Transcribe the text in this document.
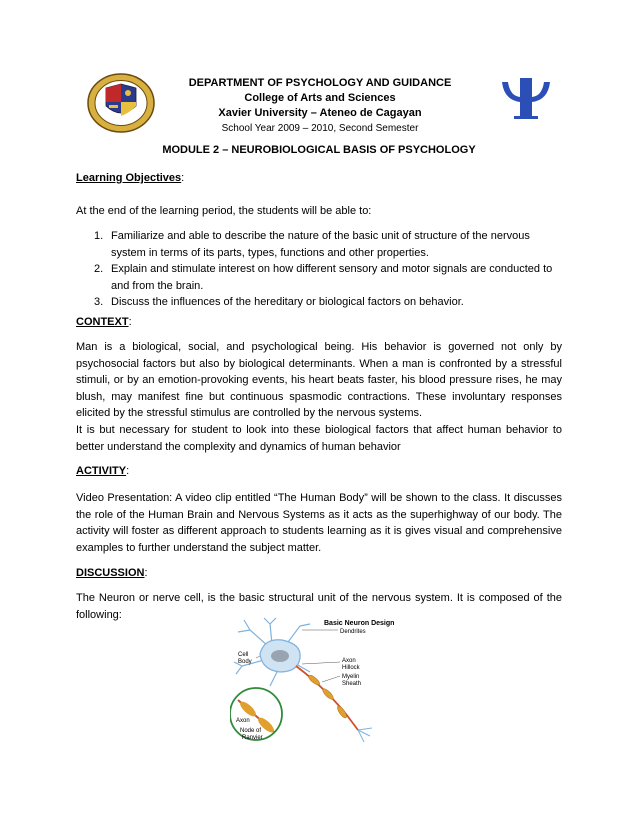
DEPARTMENT OF PSYCHOLOGY AND GUIDANCE
College of Arts and Sciences
Xavier University – Ateneo de Cagayan
School Year 2009 – 2010, Second Semester
MODULE 2 – NEUROBIOLOGICAL BASIS OF PSYCHOLOGY
Learning Objectives:
At the end of the learning period, the students will be able to:
1. Familiarize and able to describe the nature of the basic unit of structure of the nervous system in terms of its parts, types, functions and other properties.
2. Explain and stimulate interest on how different sensory and motor signals are conducted to and from the brain.
3. Discuss the influences of the hereditary or biological factors on behavior.
CONTEXT:
Man is a biological, social, and psychological being. His behavior is governed not only by psychosocial factors but also by biological determinants. When a man is confronted by a stressful stimuli, or by an emotion-provoking events, his heart beats faster, his blood pressure rises, he may blush, may manifest fine but continuous spasmodic contractions. These involuntary responses elicited by the stressful stimulus are controlled by the nervous systems.
It is but necessary for student to look into these biological factors that affect human behavior to better understand the complexity and dynamics of human behavior
ACTIVITY:
Video Presentation: A video clip entitled “The Human Body” will be shown to the class. It discusses the role of the Human Brain and Nervous Systems as it acts as the superhighway of our body. The activity will foster as different approach to students learning as it is gives visual and comprehensive examples to further understand the subject matter.
DISCUSSION:
The Neuron or nerve cell, is the basic structural unit of the nervous system. It is composed of the following:
Basic Neuron Design
Dendrites
Cell
Body	Axon
Hillock
Myelin
Sheath
Axon
Node of
Ranvier
